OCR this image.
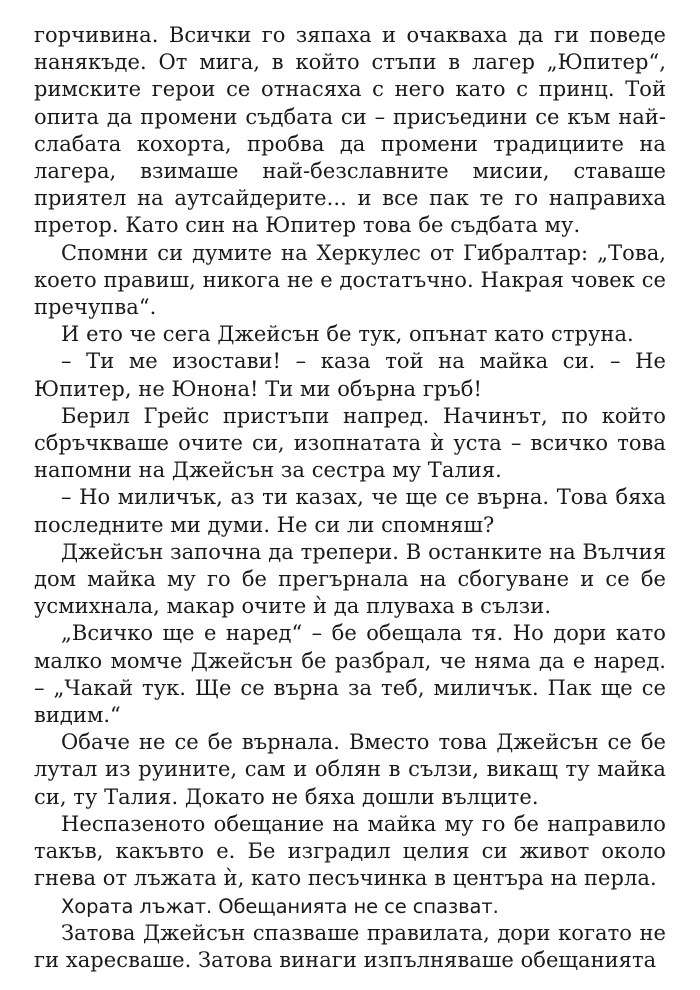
горчивина. Всички го зяпаха и очакваха да ги поведе нанякъде. От мига, в който стъпи в лагер „Юпитер“, римските герои се отнасяха с него като с принц. Той опита да промени съдбата си – присъедини се към най-слабата кохорта, пробва да промени традициите на лагера, взимаше най-безславните мисии, ставаше приятел на аутсайдерите... и все пак те го направиха претор. Като син на Юпитер това бе съдбата му.

Спомни си думите на Херкулес от Гибралтар: „Това, което правиш, никога не е достатъчно. Накрая човек се пречупва“.

И ето че сега Джейсън бе тук, опънат като струна.

– Ти ме изостави! – каза той на майка си. – Не Юпитер, не Юнона! Ти ми обърна гръб!

Берил Грейс пристъпи напред. Начинът, по който сбръчкваше очите си, изопнатата ѝ уста – всичко това напомни на Джейсън за сестра му Талия.

– Но миличък, аз ти казах, че ще се върна. Това бяха последните ми думи. Не си ли спомняш?

Джейсън започна да трепери. В останките на Вълчия дом майка му го бе прегърнала на сбогуване и се бе усмихнала, макар очите ѝ да плуваха в сълзи.

„Всичко ще е наред“ – бе обещала тя. Но дори като малко момче Джейсън бе разбрал, че няма да е наред. – „Чакай тук. Ще се върна за теб, миличък. Пак ще се видим.“

Обаче не се бе върнала. Вместо това Джейсън се бе лутал из руините, сам и облян в сълзи, викащ ту майка си, ту Талия. Докато не бяха дошли вълците.

Неспазеното обещание на майка му го бе направило такъв, какъвто е. Бе изградил целия си живот около гнева от лъжата ѝ, като песъчинка в центъра на перла.

Хората лъжат. Обещанията не се спазват.

Затова Джейсън спазваше правилата, дори когато не ги харесваше. Затова винаги изпълняваше обещанията
